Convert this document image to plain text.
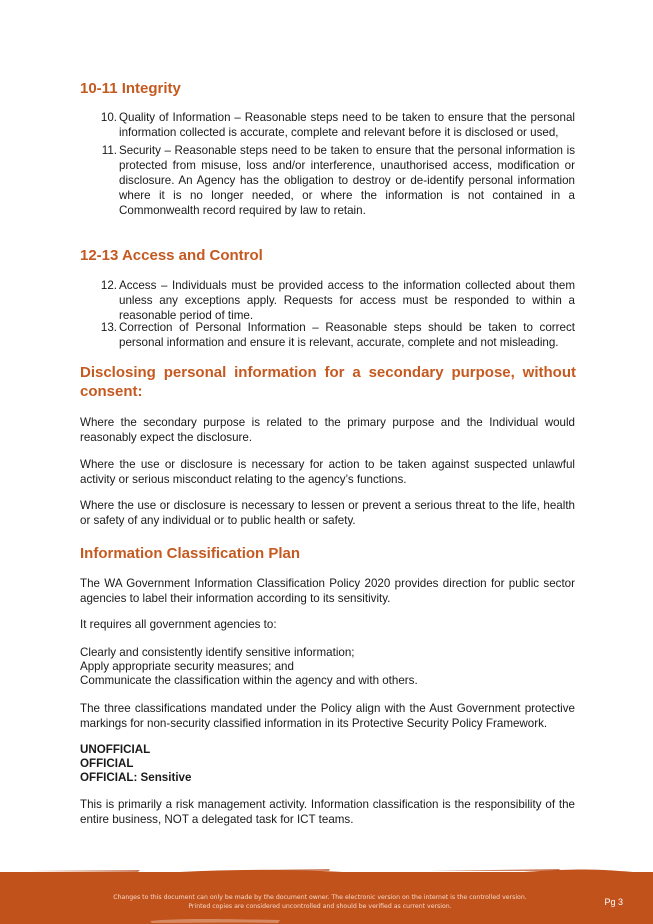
10-11 Integrity
10. Quality of Information – Reasonable steps need to be taken to ensure that the personal information collected is accurate, complete and relevant before it is disclosed or used,
11. Security – Reasonable steps need to be taken to ensure that the personal information is protected from misuse, loss and/or interference, unauthorised access, modification or disclosure. An Agency has the obligation to destroy or de-identify personal information where it is no longer needed, or where the information is not contained in a Commonwealth record required by law to retain.
12-13 Access and Control
12. Access – Individuals must be provided access to the information collected about them unless any exceptions apply. Requests for access must be responded to within a reasonable period of time.
13. Correction of Personal Information – Reasonable steps should be taken to correct personal information and ensure it is relevant, accurate, complete and not misleading.
Disclosing personal information for a secondary purpose, without consent:

Where the secondary purpose is related to the primary purpose and the Individual would reasonably expect the disclosure.

Where the use or disclosure is necessary for action to be taken against suspected unlawful activity or serious misconduct relating to the agency’s functions.

Where the use or disclosure is necessary to lessen or prevent a serious threat to the life, health or safety of any individual or to public health or safety.

Information Classification Plan

The WA Government Information Classification Policy 2020 provides direction for public sector agencies to label their information according to its sensitivity.

It requires all government agencies to:
Clearly and consistently identify sensitive information;
Apply appropriate security measures; and
Communicate the classification within the agency and with others.

The three classifications mandated under the Policy align with the Aust Government protective markings for non-security classified information in its Protective Security Policy Framework.

UNOFFICIAL
OFFICIAL
OFFICIAL: Sensitive

This is primarily a risk management activity. Information classification is the responsibility of the entire business, NOT a delegated task for ICT teams.

Changes to this document can only be made by the document owner. The electronic version on the internet is the controlled version.
Printed copies are considered uncontrolled and should be verified as current version.	Pg 3
